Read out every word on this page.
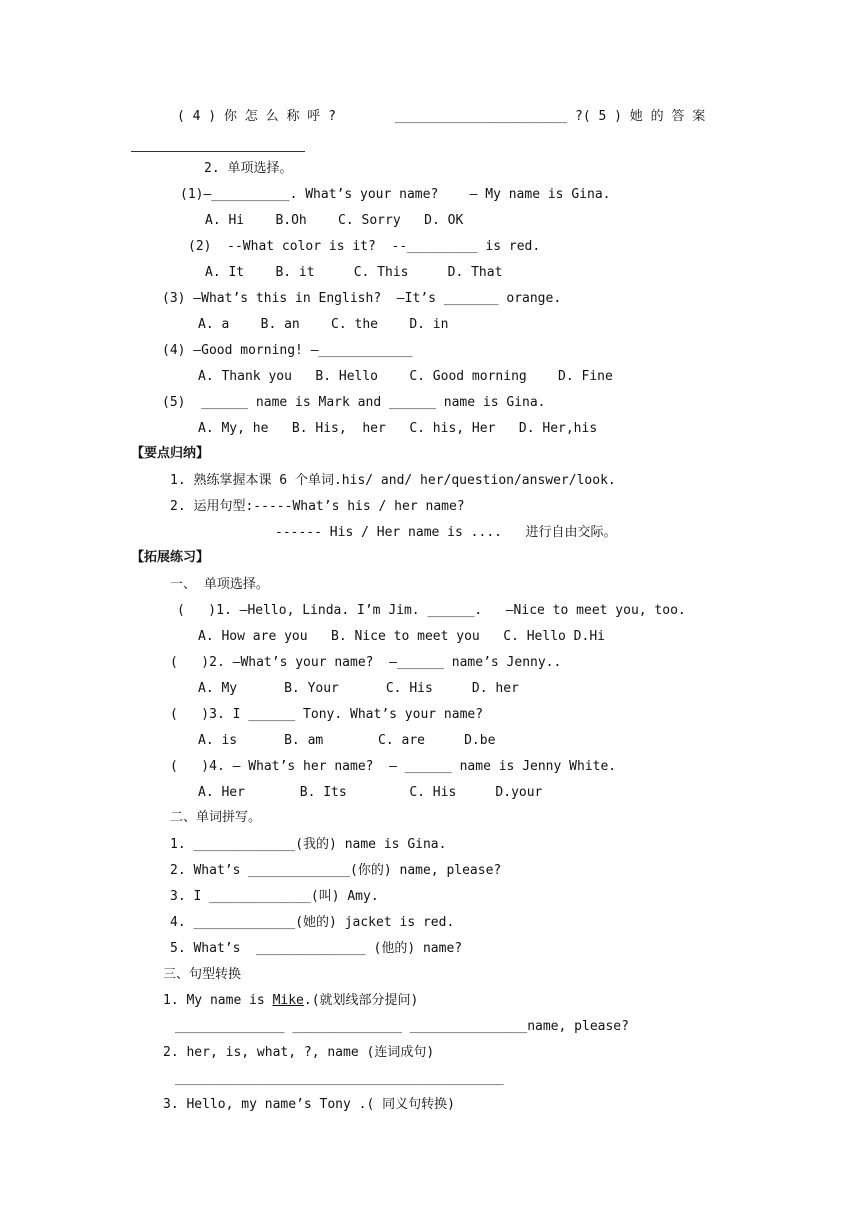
( 4 ) 你 怎 么 称 呼 ?	______________________ ?( 5 ) 她 的 答 案
2. 单项选择。
(1)—__________. What’s your name?    — My name is Gina.
A. Hi    B.Oh    C. Sorry   D. OK
(2)  --What color is it?  --_________ is red.
A. It    B. it     C. This     D. That
(3) —What’s this in English?  —It’s _______ orange.
A. a    B. an    C. the    D. in
(4) —Good morning! —____________
A. Thank you   B. Hello    C. Good morning    D. Fine
(5)  ______ name is Mark and ______ name is Gina.
A. My, he   B. His,  her   C. his, Her   D. Her,his
【要点归纳】
1. 熟练掌握本课 6 个单词.his/ and/ her/question/answer/look.
2. 运用句型:-----What’s his / her name?
------ His / Her name is ....   进行自由交际。
【拓展练习】
一、 单项选择。
(   )1. —Hello, Linda. I’m Jim. ______.   —Nice to meet you, too.
A. How are you   B. Nice to meet you   C. Hello D.Hi
(   )2. —What’s your name?  —______ name’s Jenny..
A. My      B. Your      C. His     D. her
(   )3. I ______ Tony. What’s your name?
A. is      B. am       C. are     D.be
(   )4. — What’s her name?  — ______ name is Jenny White.
A. Her       B. Its        C. His     D.your
二、单词拼写。
1. _____________(我的) name is Gina.
2. What’s _____________(你的) name, please?
3. I _____________(叫) Amy.
4. _____________(她的) jacket is red.
5. What’s  ______________ (他的) name?
三、句型转换
1. My name is Mike.(就划线部分提问)
______________ ______________ _______________name, please?
2. her, is, what, ?, name (连词成句)
__________________________________________
3. Hello, my name’s Tony .( 同义句转换)
